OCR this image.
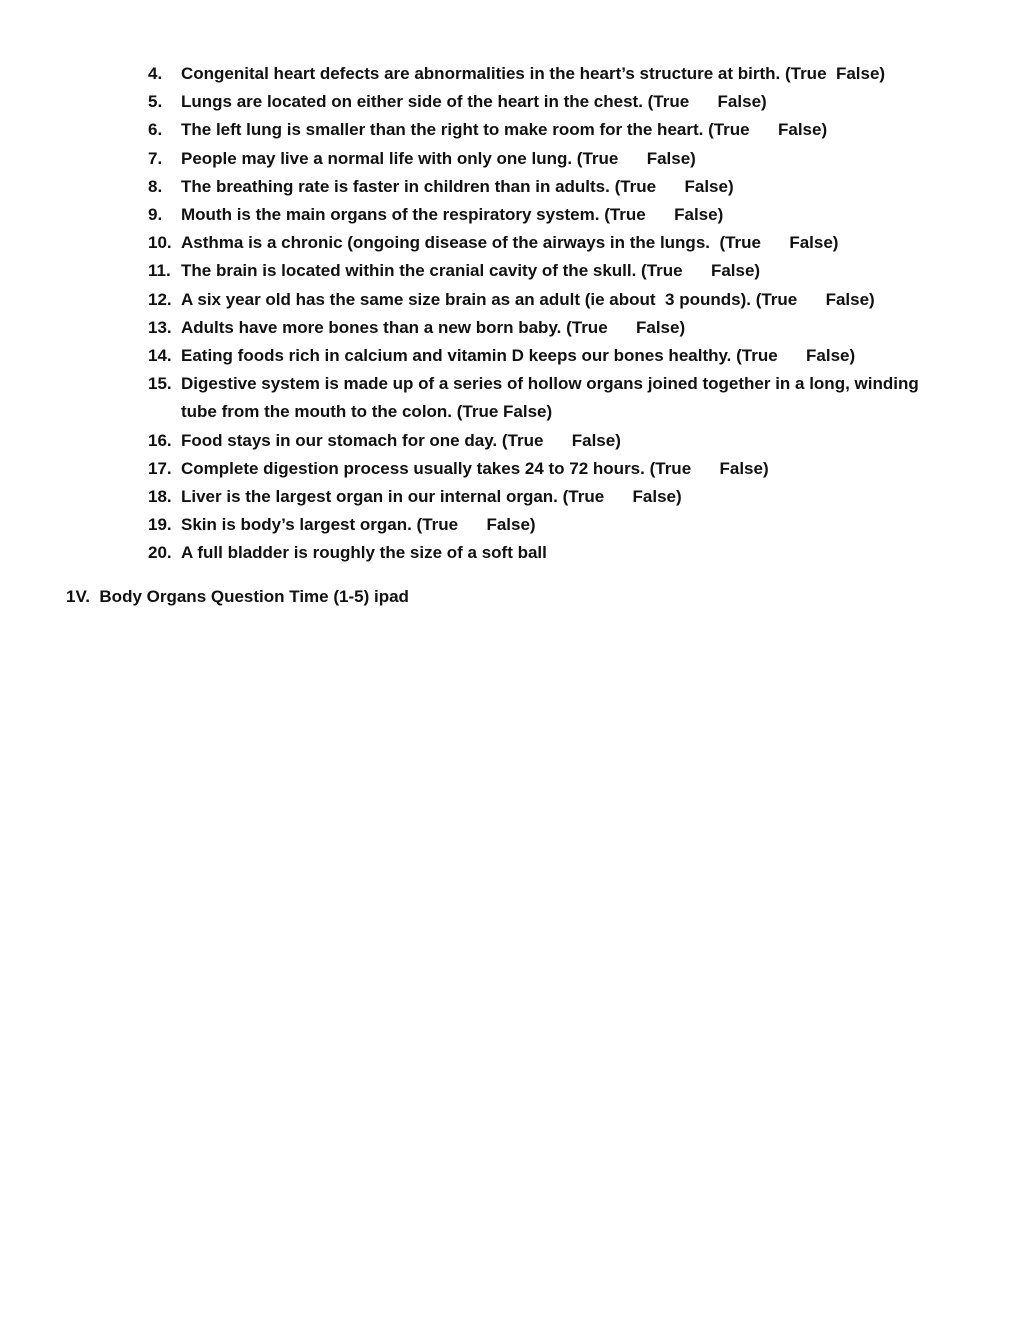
4.	Congenital heart defects are abnormalities in the heart’s structure at birth. (True  False)
5.	Lungs are located on either side of the heart in the chest. (True      False)
6.	The left lung is smaller than the right to make room for the heart. (True      False)
7.	People may live a normal life with only one lung. (True      False)
8.	The breathing rate is faster in children than in adults. (True      False)
9.	Mouth is the main organs of the respiratory system. (True      False)
10. Asthma is a chronic (ongoing disease of the airways in the lungs.  (True      False)
11. The brain is located within the cranial cavity of the skull. (True      False)
12. A six year old has the same size brain as an adult (ie about  3 pounds). (True      False)
13. Adults have more bones than a new born baby. (True      False)
14. Eating foods rich in calcium and vitamin D keeps our bones healthy. (True      False)
15. Digestive system is made up of a series of hollow organs joined together in a long, winding tube from the mouth to the colon. (True False)
16. Food stays in our stomach for one day. (True      False)
17. Complete digestion process usually takes 24 to 72 hours. (True      False)
18. Liver is the largest organ in our internal organ. (True      False)
19. Skin is body’s largest organ. (True      False)
20. A full bladder is roughly the size of a soft ball
1V.  Body Organs Question Time (1-5) ipad
